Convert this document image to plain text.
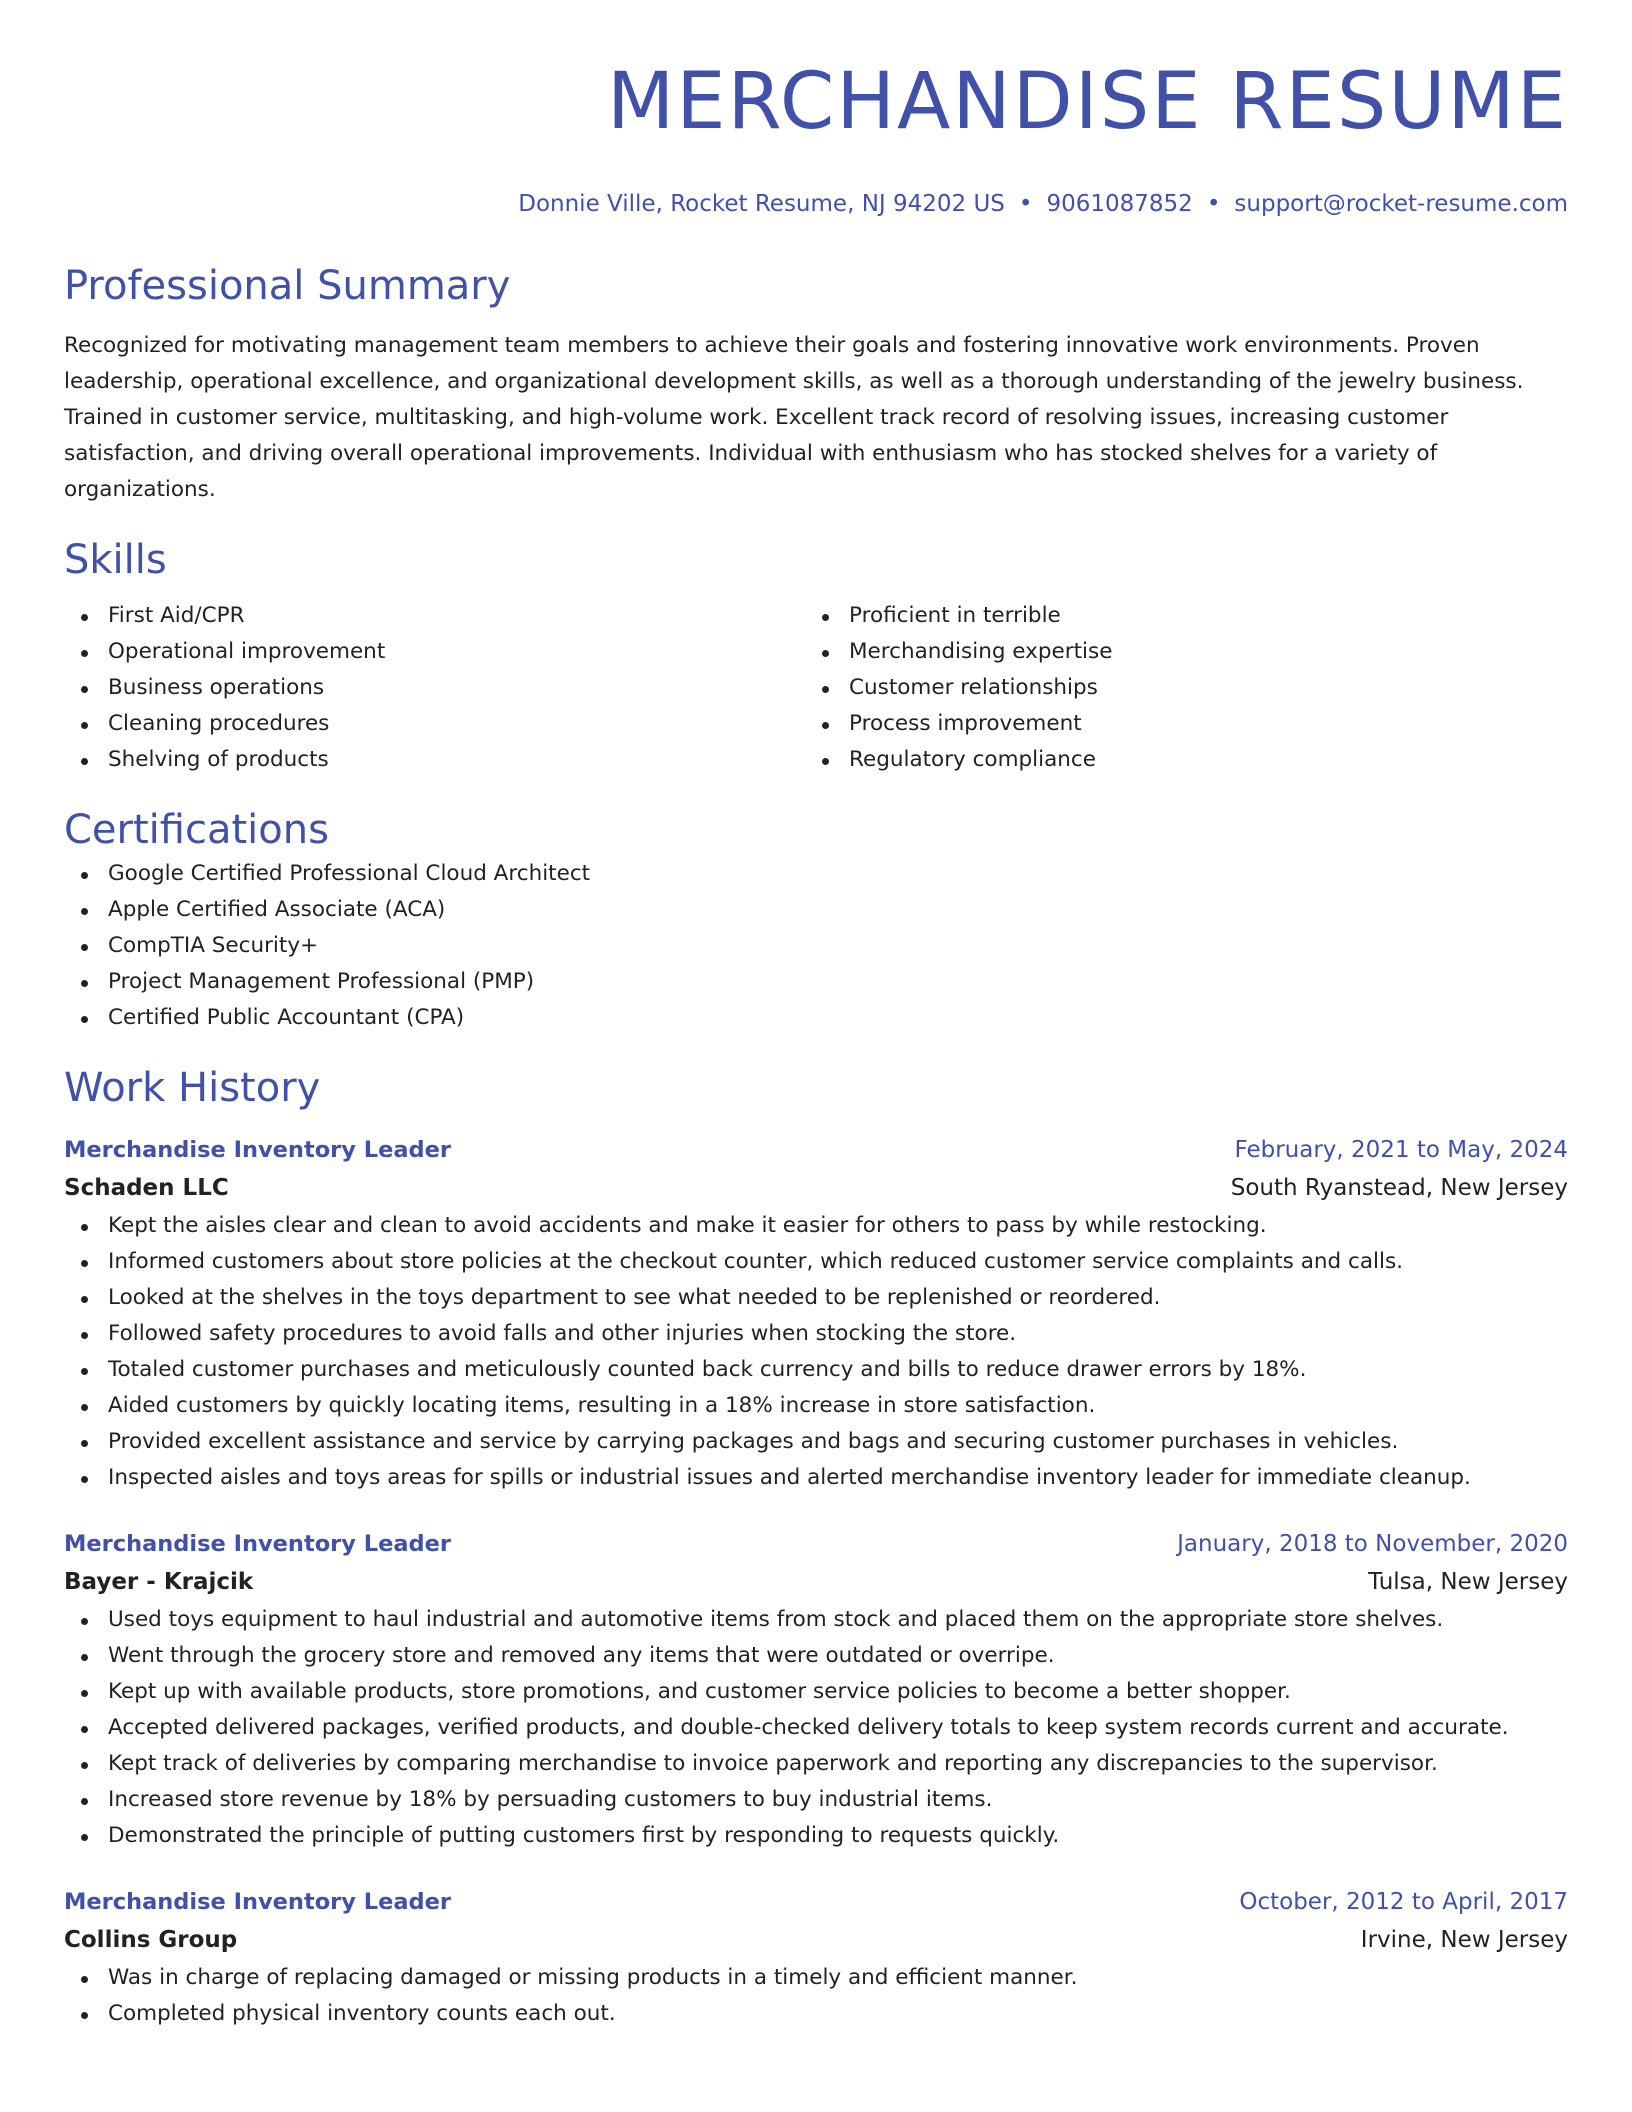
MERCHANDISE RESUME
Donnie Ville, Rocket Resume, NJ 94202 US • 9061087852 • support@rocket-resume.com
Professional Summary
Recognized for motivating management team members to achieve their goals and fostering innovative work environments. Proven leadership, operational excellence, and organizational development skills, as well as a thorough understanding of the jewelry business. Trained in customer service, multitasking, and high-volume work. Excellent track record of resolving issues, increasing customer satisfaction, and driving overall operational improvements. Individual with enthusiasm who has stocked shelves for a variety of organizations.
Skills
First Aid/CPR
Operational improvement
Business operations
Cleaning procedures
Shelving of products
Proficient in terrible
Merchandising expertise
Customer relationships
Process improvement
Regulatory compliance
Certifications
Google Certified Professional Cloud Architect
Apple Certified Associate (ACA)
CompTIA Security+
Project Management Professional (PMP)
Certified Public Accountant (CPA)
Work History
Merchandise Inventory Leader	February, 2021 to May, 2024
Schaden LLC	South Ryanstead, New Jersey
Kept the aisles clear and clean to avoid accidents and make it easier for others to pass by while restocking.
Informed customers about store policies at the checkout counter, which reduced customer service complaints and calls.
Looked at the shelves in the toys department to see what needed to be replenished or reordered.
Followed safety procedures to avoid falls and other injuries when stocking the store.
Totaled customer purchases and meticulously counted back currency and bills to reduce drawer errors by 18%.
Aided customers by quickly locating items, resulting in a 18% increase in store satisfaction.
Provided excellent assistance and service by carrying packages and bags and securing customer purchases in vehicles.
Inspected aisles and toys areas for spills or industrial issues and alerted merchandise inventory leader for immediate cleanup.
Merchandise Inventory Leader	January, 2018 to November, 2020
Bayer - Krajcik	Tulsa, New Jersey
Used toys equipment to haul industrial and automotive items from stock and placed them on the appropriate store shelves.
Went through the grocery store and removed any items that were outdated or overripe.
Kept up with available products, store promotions, and customer service policies to become a better shopper.
Accepted delivered packages, verified products, and double-checked delivery totals to keep system records current and accurate.
Kept track of deliveries by comparing merchandise to invoice paperwork and reporting any discrepancies to the supervisor.
Increased store revenue by 18% by persuading customers to buy industrial items.
Demonstrated the principle of putting customers first by responding to requests quickly.
Merchandise Inventory Leader	October, 2012 to April, 2017
Collins Group	Irvine, New Jersey
Was in charge of replacing damaged or missing products in a timely and efficient manner.
Completed physical inventory counts each out.
